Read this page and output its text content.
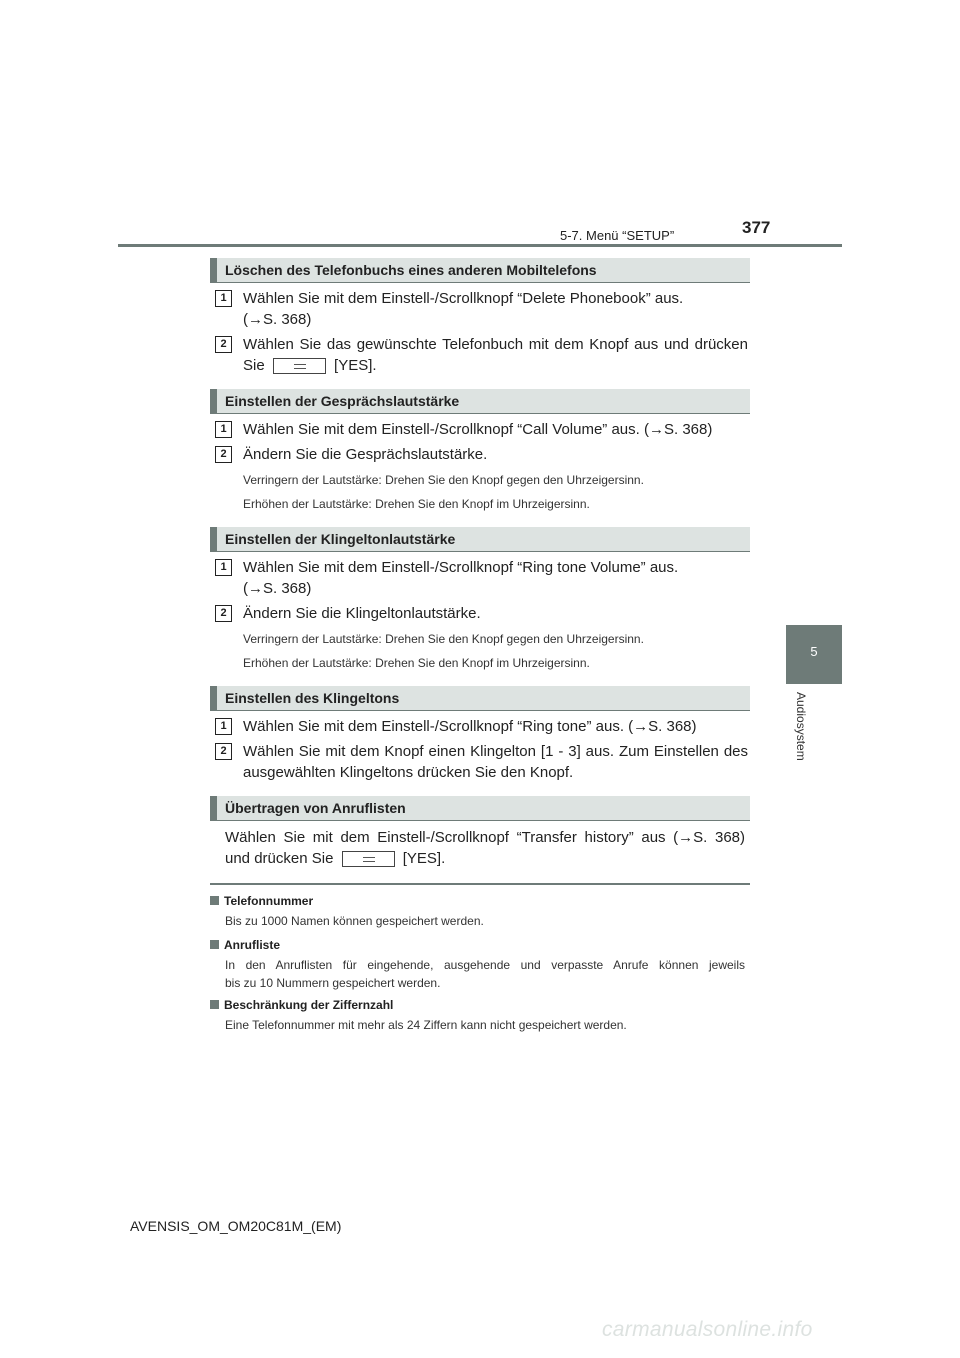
5-7. Menü “SETUP”	377
5
Audiosystem
Löschen des Telefonbuchs eines anderen Mobiltelefons
1	Wählen Sie mit dem Einstell-/Scrollknopf “Delete Phonebook” aus.
(→S. 368)
2	Wählen Sie das gewünschte Telefonbuch mit dem Knopf aus und drücken
Sie	[YES].
Einstellen der Gesprächslautstärke
1	Wählen Sie mit dem Einstell-/Scrollknopf “Call Volume” aus. (→S. 368)
2	Ändern Sie die Gesprächslautstärke.
Verringern der Lautstärke: Drehen Sie den Knopf gegen den Uhrzeigersinn.
Erhöhen der Lautstärke: Drehen Sie den Knopf im Uhrzeigersinn.
Einstellen der Klingeltonlautstärke
1	Wählen Sie mit dem Einstell-/Scrollknopf “Ring tone Volume” aus.
(→S. 368)
2	Ändern Sie die Klingeltonlautstärke.
Verringern der Lautstärke: Drehen Sie den Knopf gegen den Uhrzeigersinn.
Erhöhen der Lautstärke: Drehen Sie den Knopf im Uhrzeigersinn.
Einstellen des Klingeltons
1	Wählen Sie mit dem Einstell-/Scrollknopf “Ring tone” aus. (→S. 368)
2	Wählen Sie mit dem Knopf einen Klingelton [1 - 3] aus. Zum Einstellen des
ausgewählten Klingeltons drücken Sie den Knopf.
Übertragen von Anruflisten
Wählen Sie mit dem Einstell-/Scrollknopf “Transfer history” aus (→S. 368)
und drücken Sie	[YES].
Telefonnummer
Bis zu 1000 Namen können gespeichert werden.
Anrufliste
In den Anruflisten für eingehende, ausgehende und verpasste Anrufe können jeweils
bis zu 10 Nummern gespeichert werden.
Beschränkung der Ziffernzahl
Eine Telefonnummer mit mehr als 24 Ziffern kann nicht gespeichert werden.
AVENSIS_OM_OM20C81M_(EM)
carmanualsonline.info
